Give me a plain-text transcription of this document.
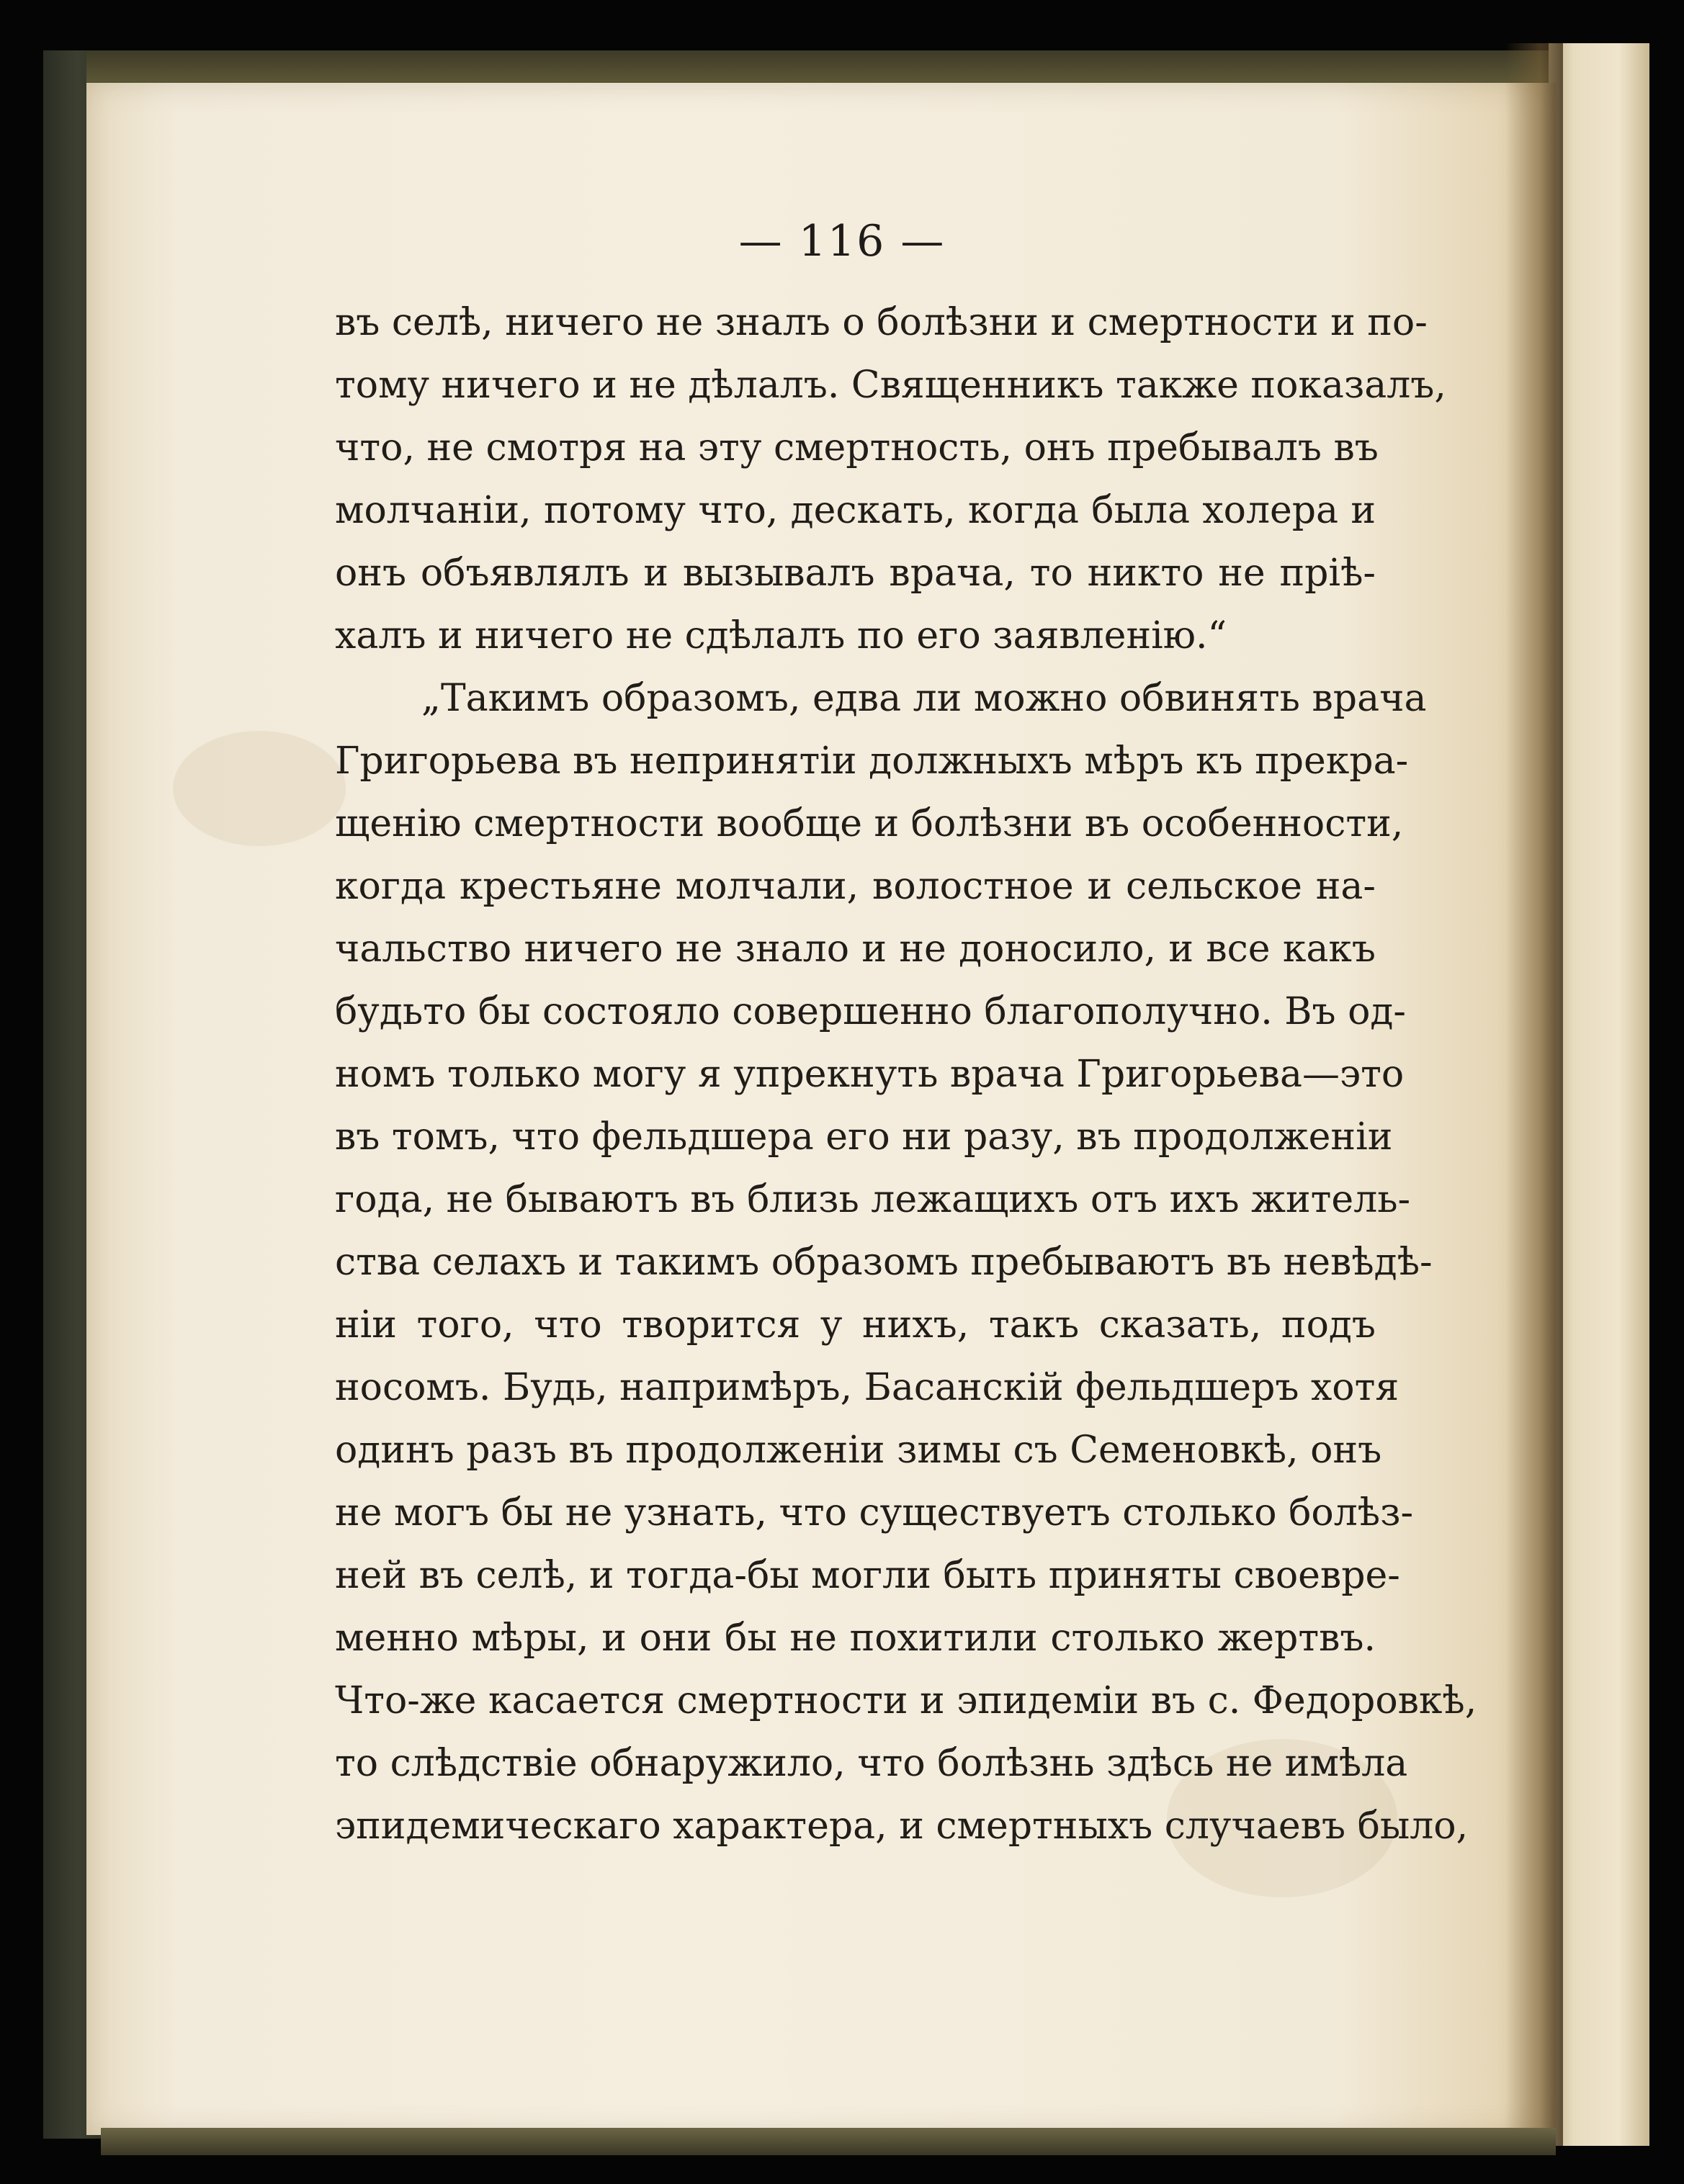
— 116 —
въ селѣ, ничего не зналъ о болѣзни и смертности и по-
тому ничего и не дѣлалъ. Священникъ также показалъ,
что, не смотря на эту смертность, онъ пребывалъ въ
молчаніи, потому что, дескать, когда была холера и
онъ объявлялъ и вызывалъ врача, то никто не пріѣ-
халъ и ничего не сдѣлалъ по его заявленію.“
„Такимъ образомъ, едва ли можно обвинять врача
Григорьева въ непринятіи должныхъ мѣръ къ прекра-
щенію смертности вообще и болѣзни въ особенности,
когда крестьяне молчали, волостное и сельское на-
чальство ничего не знало и не доносило, и все какъ
будьто бы состояло совершенно благополучно. Въ од-
номъ только могу я упрекнуть врача Григорьева—это
въ томъ, что фельдшера его ни разу, въ продолженіи
года, не бываютъ въ близь лежащихъ отъ ихъ житель-
ства селахъ и такимъ образомъ пребываютъ въ невѣдѣ-
ніи того, что творится у нихъ, такъ сказать, подъ
носомъ. Будь, напримѣръ, Басанскій фельдшеръ хотя
одинъ разъ въ продолженіи зимы съ Семеновкѣ, онъ
не могъ бы не узнать, что существуетъ столько болѣз-
ней въ селѣ, и тогда-бы могли быть приняты своевре-
менно мѣры, и они бы не похитили столько жертвъ.
Что-же касается смертности и эпидеміи въ с. Федоровкѣ,
то слѣдствіе обнаружило, что болѣзнь здѣсь не имѣла
эпидемическаго характера, и смертныхъ случаевъ было,
